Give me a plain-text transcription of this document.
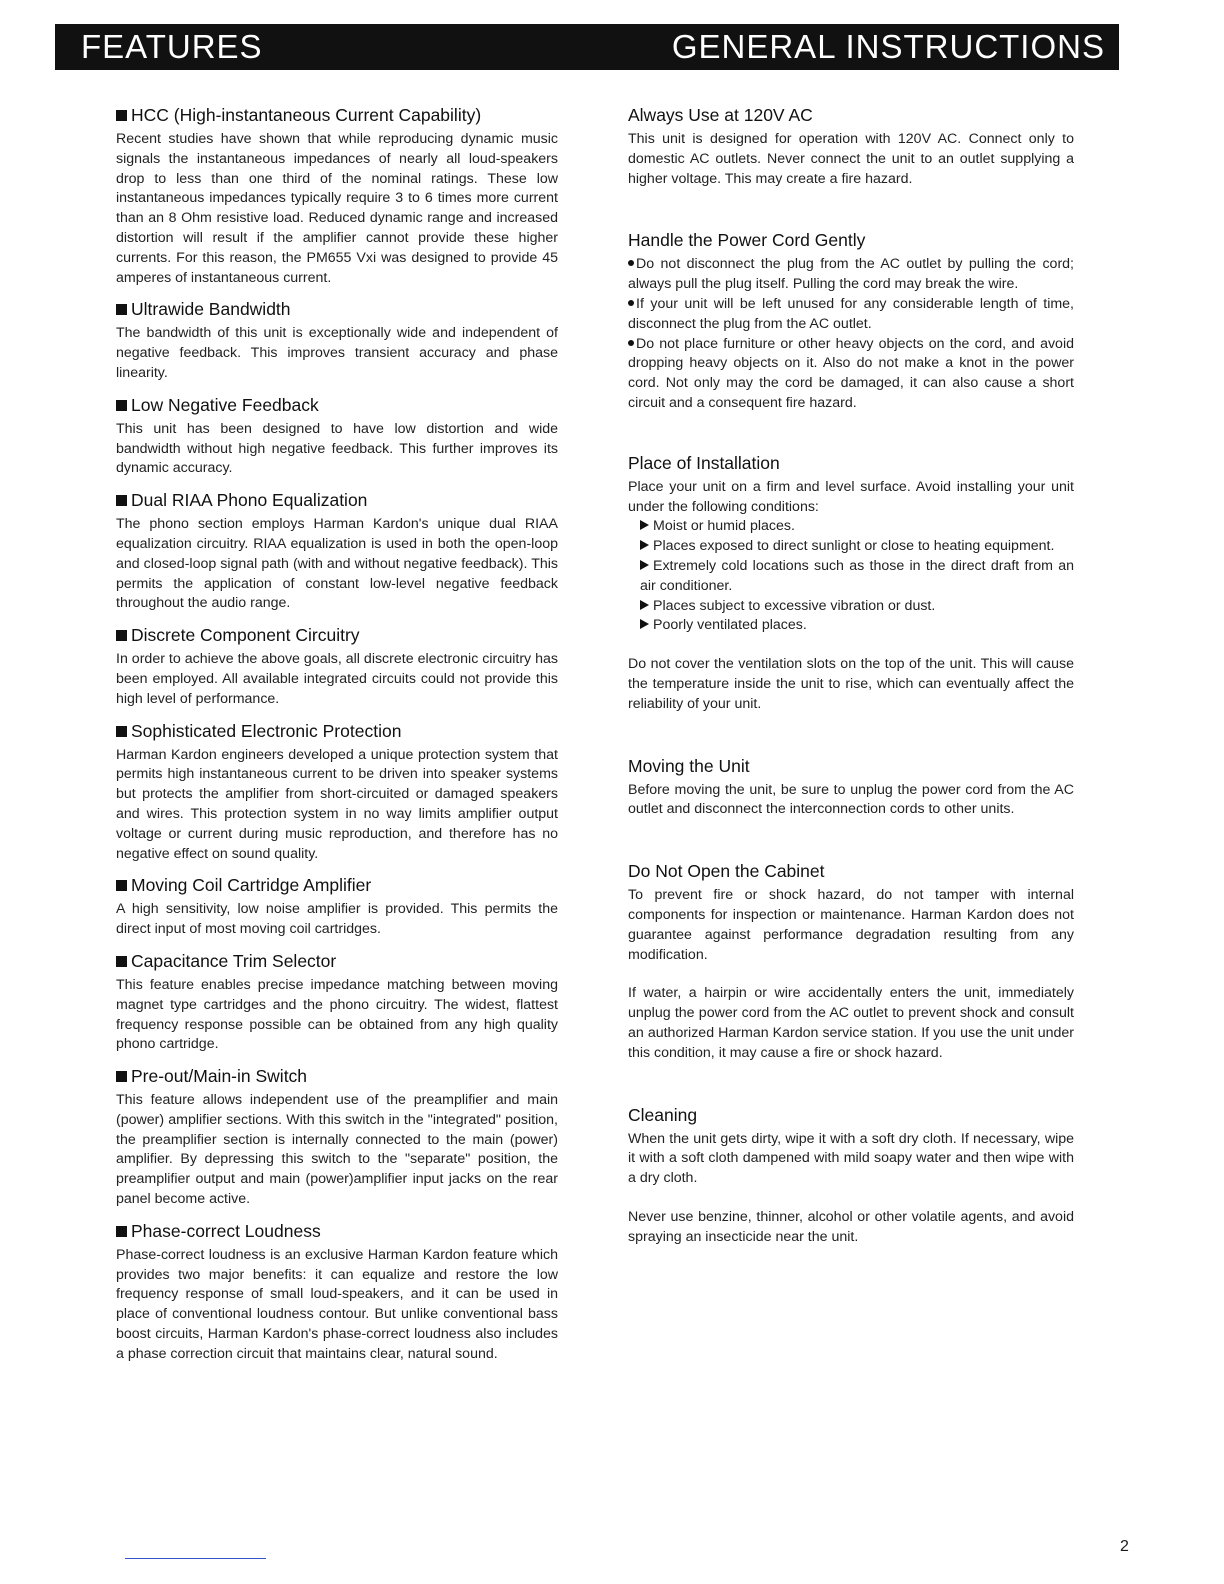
FEATURES	GENERAL INSTRUCTIONS
HCC (High-instantaneous Current Capability)

Recent studies have shown that while reproducing dynamic music signals the instantaneous impedances of nearly all loud-speakers drop to less than one third of the nominal ratings. These low instantaneous impedances typically require 3 to 6 times more current than an 8 Ohm resistive load. Reduced dynamic range and increased distortion will result if the amplifier cannot provide these higher currents. For this reason, the PM655 Vxi was designed to provide 45 amperes of instantaneous current.

Ultrawide Bandwidth

The bandwidth of this unit is exceptionally wide and independent of negative feedback. This improves transient accuracy and phase linearity.

Low Negative Feedback

This unit has been designed to have low distortion and wide bandwidth without high negative feedback. This further improves its dynamic accuracy.

Dual RIAA Phono Equalization

The phono section employs Harman Kardon's unique dual RIAA equalization circuitry. RIAA equalization is used in both the open-loop and closed-loop signal path (with and without negative feedback). This permits the application of constant low-level negative feedback throughout the audio range.

Discrete Component Circuitry

In order to achieve the above goals, all discrete electronic circuitry has been employed. All available integrated circuits could not provide this high level of performance.

Sophisticated Electronic Protection

Harman Kardon engineers developed a unique protection system that permits high instantaneous current to be driven into speaker systems but protects the amplifier from short-circuited or damaged speakers and wires. This protection system in no way limits amplifier output voltage or current during music reproduction, and therefore has no negative effect on sound quality.

Moving Coil Cartridge Amplifier

A high sensitivity, low noise amplifier is provided. This permits the direct input of most moving coil cartridges.

Capacitance Trim Selector

This feature enables precise impedance matching between moving magnet type cartridges and the phono circuitry. The widest, flattest frequency response possible can be obtained from any high quality phono cartridge.

Pre-out/Main-in Switch

This feature allows independent use of the preamplifier and main (power) amplifier sections. With this switch in the "integrated" position, the preamplifier section is internally connected to the main (power) amplifier. By depressing this switch to the "separate" position, the preamplifier output and main (power)amplifier input jacks on the rear panel become active.

Phase-correct Loudness

Phase-correct loudness is an exclusive Harman Kardon feature which provides two major benefits: it can equalize and restore the low frequency response of small loud-speakers, and it can be used in place of conventional loudness contour. But unlike conventional bass boost circuits, Harman Kardon's phase-correct loudness also includes a phase correction circuit that maintains clear, natural sound.

Always Use at 120V AC

This unit is designed for operation with 120V AC. Connect only to domestic AC outlets. Never connect the unit to an outlet supplying a higher voltage. This may create a fire hazard.

Handle the Power Cord Gently

Do not disconnect the plug from the AC outlet by pulling the cord; always pull the plug itself. Pulling the cord may break the wire.

If your unit will be left unused for any considerable length of time, disconnect the plug from the AC outlet.

Do not place furniture or other heavy objects on the cord, and avoid dropping heavy objects on it. Also do not make a knot in the power cord. Not only may the cord be damaged, it can also cause a short circuit and a consequent fire hazard.

Place of Installation

Place your unit on a firm and level surface. Avoid installing your unit under the following conditions:

Moist or humid places.
Places exposed to direct sunlight or close to heating equipment.
Extremely cold locations such as those in the direct draft from an air conditioner.
Places subject to excessive vibration or dust.
Poorly ventilated places.

Do not cover the ventilation slots on the top of the unit. This will cause the temperature inside the unit to rise, which can eventually affect the reliability of your unit.

Moving the Unit

Before moving the unit, be sure to unplug the power cord from the AC outlet and disconnect the interconnection cords to other units.

Do Not Open the Cabinet

To prevent fire or shock hazard, do not tamper with internal components for inspection or maintenance. Harman Kardon does not guarantee against performance degradation resulting from any modification.

If water, a hairpin or wire accidentally enters the unit, immediately unplug the power cord from the AC outlet to prevent shock and consult an authorized Harman Kardon service station. If you use the unit under this condition, it may cause a fire or shock hazard.

Cleaning

When the unit gets dirty, wipe it with a soft dry cloth. If necessary, wipe it with a soft cloth dampened with mild soapy water and then wipe with a dry cloth.

Never use benzine, thinner, alcohol or other volatile agents, and avoid spraying an insecticide near the unit.

2
